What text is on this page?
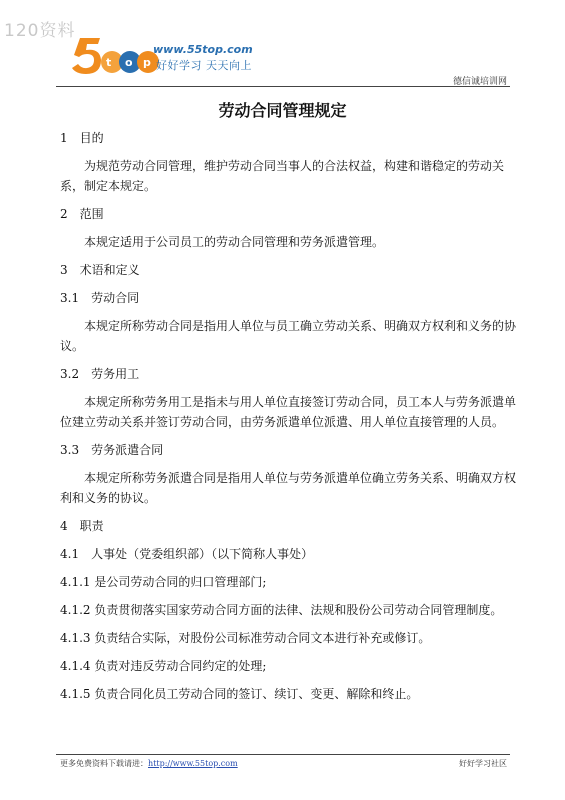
120资料
t o p
www.55top.com
好好学习 天天向上
德信诚培训网
劳动合同管理规定
1　目的
为规范劳动合同管理，维护劳动合同当事人的合法权益，构建和谐稳定的劳动关系，制定本规定。
2　范围
本规定适用于公司员工的劳动合同管理和劳务派遣管理。
3　术语和定义
3.1　劳动合同
本规定所称劳动合同是指用人单位与员工确立劳动关系、明确双方权利和义务的协议。
3.2　劳务用工
本规定所称劳务用工是指未与用人单位直接签订劳动合同，员工本人与劳务派遣单位建立劳动关系并签订劳动合同，由劳务派遣单位派遣、用人单位直接管理的人员。
3.3　劳务派遣合同
本规定所称劳务派遣合同是指用人单位与劳务派遣单位确立劳务关系、明确双方权利和义务的协议。
4　职责
4.1　人事处（党委组织部）（以下简称人事处）
4.1.1 是公司劳动合同的归口管理部门;
4.1.2 负责贯彻落实国家劳动合同方面的法律、法规和股份公司劳动合同管理制度。
4.1.3 负责结合实际，对股份公司标准劳动合同文本进行补充或修订。
4.1.4 负责对违反劳动合同约定的处理;
4.1.5 负责合同化员工劳动合同的签订、续订、变更、解除和终止。
更多免费资料下载请进：http://www.55top.com	好好学习社区
